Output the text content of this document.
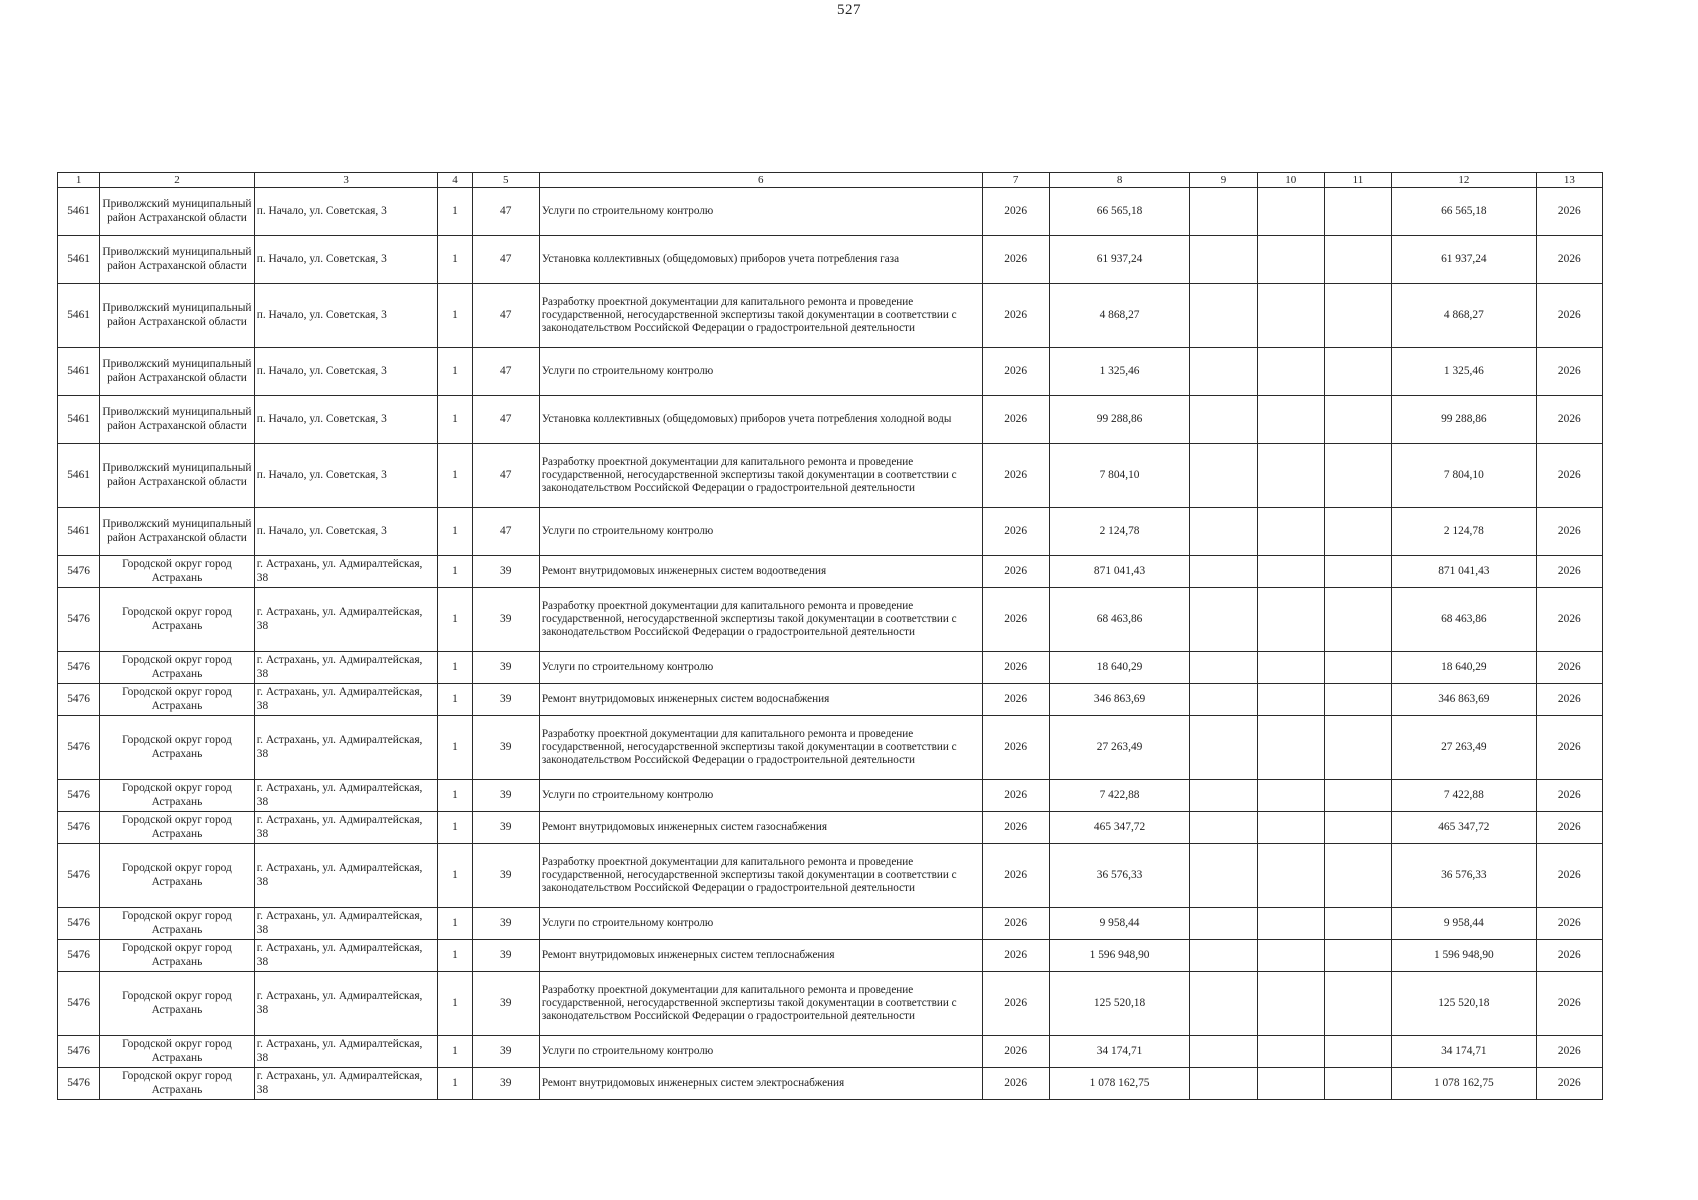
527
1	2	3	4	5	6	7	8	9	10	11	12	13
5461	Приволжский муниципальный район Астраханской области	п. Начало, ул. Советская, 3	1	47	Услуги по строительному контролю	2026	66 565,18				66 565,18	2026
5461	Приволжский муниципальный район Астраханской области	п. Начало, ул. Советская, 3	1	47	Установка коллективных (общедомовых) приборов учета потребления газа	2026	61 937,24				61 937,24	2026
5461	Приволжский муниципальный район Астраханской области	п. Начало, ул. Советская, 3	1	47	Разработку проектной документации для капитального ремонта и проведение государственной, негосударственной экспертизы такой документации в соответствии с законодательством Российской Федерации о градостроительной деятельности	2026	4 868,27				4 868,27	2026
5461	Приволжский муниципальный район Астраханской области	п. Начало, ул. Советская, 3	1	47	Услуги по строительному контролю	2026	1 325,46				1 325,46	2026
5461	Приволжский муниципальный район Астраханской области	п. Начало, ул. Советская, 3	1	47	Установка коллективных (общедомовых) приборов учета потребления холодной воды	2026	99 288,86				99 288,86	2026
5461	Приволжский муниципальный район Астраханской области	п. Начало, ул. Советская, 3	1	47	Разработку проектной документации для капитального ремонта и проведение государственной, негосударственной экспертизы такой документации в соответствии с законодательством Российской Федерации о градостроительной деятельности	2026	7 804,10				7 804,10	2026
5461	Приволжский муниципальный район Астраханской области	п. Начало, ул. Советская, 3	1	47	Услуги по строительному контролю	2026	2 124,78				2 124,78	2026
5476	Городской округ город Астрахань	г. Астрахань, ул. Адмиралтейская, 38	1	39	Ремонт внутридомовых инженерных систем водоотведения	2026	871 041,43				871 041,43	2026
5476	Городской округ город Астрахань	г. Астрахань, ул. Адмиралтейская, 38	1	39	Разработку проектной документации для капитального ремонта и проведение государственной, негосударственной экспертизы такой документации в соответствии с законодательством Российской Федерации о градостроительной деятельности	2026	68 463,86				68 463,86	2026
5476	Городской округ город Астрахань	г. Астрахань, ул. Адмиралтейская, 38	1	39	Услуги по строительному контролю	2026	18 640,29				18 640,29	2026
5476	Городской округ город Астрахань	г. Астрахань, ул. Адмиралтейская, 38	1	39	Ремонт внутридомовых инженерных систем водоснабжения	2026	346 863,69				346 863,69	2026
5476	Городской округ город Астрахань	г. Астрахань, ул. Адмиралтейская, 38	1	39	Разработку проектной документации для капитального ремонта и проведение государственной, негосударственной экспертизы такой документации в соответствии с законодательством Российской Федерации о градостроительной деятельности	2026	27 263,49				27 263,49	2026
5476	Городской округ город Астрахань	г. Астрахань, ул. Адмиралтейская, 38	1	39	Услуги по строительному контролю	2026	7 422,88				7 422,88	2026
5476	Городской округ город Астрахань	г. Астрахань, ул. Адмиралтейская, 38	1	39	Ремонт внутридомовых инженерных систем газоснабжения	2026	465 347,72				465 347,72	2026
5476	Городской округ город Астрахань	г. Астрахань, ул. Адмиралтейская, 38	1	39	Разработку проектной документации для капитального ремонта и проведение государственной, негосударственной экспертизы такой документации в соответствии с законодательством Российской Федерации о градостроительной деятельности	2026	36 576,33				36 576,33	2026
5476	Городской округ город Астрахань	г. Астрахань, ул. Адмиралтейская, 38	1	39	Услуги по строительному контролю	2026	9 958,44				9 958,44	2026
5476	Городской округ город Астрахань	г. Астрахань, ул. Адмиралтейская, 38	1	39	Ремонт внутридомовых инженерных систем теплоснабжения	2026	1 596 948,90				1 596 948,90	2026
5476	Городской округ город Астрахань	г. Астрахань, ул. Адмиралтейская, 38	1	39	Разработку проектной документации для капитального ремонта и проведение государственной, негосударственной экспертизы такой документации в соответствии с законодательством Российской Федерации о градостроительной деятельности	2026	125 520,18				125 520,18	2026
5476	Городской округ город Астрахань	г. Астрахань, ул. Адмиралтейская, 38	1	39	Услуги по строительному контролю	2026	34 174,71				34 174,71	2026
5476	Городской округ город Астрахань	г. Астрахань, ул. Адмиралтейская, 38	1	39	Ремонт внутридомовых инженерных систем электроснабжения	2026	1 078 162,75				1 078 162,75	2026
